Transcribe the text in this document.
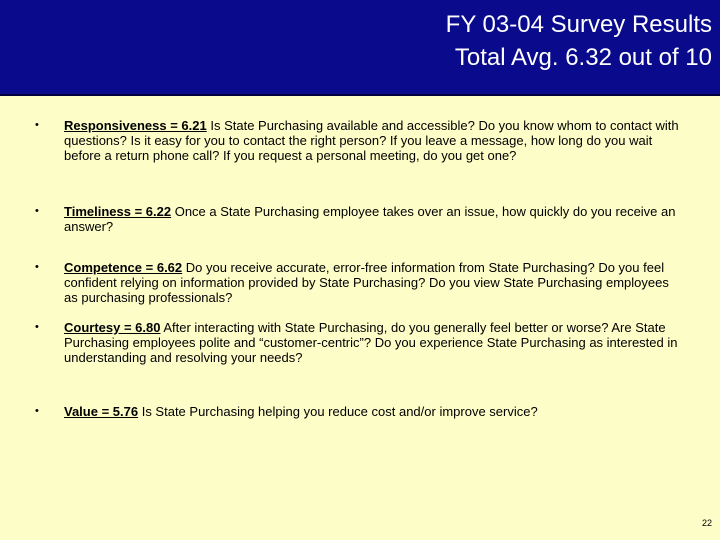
FY 03-04 Survey Results
Total Avg. 6.32 out of 10
• Responsiveness = 6.21 Is State Purchasing available and accessible? Do you know whom to contact with questions? Is it easy for you to contact the right person? If you leave a message, how long do you wait before a return phone call? If you request a personal meeting, do you get one?
• Timeliness = 6.22 Once a State Purchasing employee takes over an issue, how quickly do you receive an answer?
• Competence = 6.62 Do you receive accurate, error-free information from State Purchasing? Do you feel confident relying on information provided by State Purchasing? Do you view State Purchasing employees as purchasing professionals?
• Courtesy = 6.80 After interacting with State Purchasing, do you generally feel better or worse? Are State Purchasing employees polite and “customer-centric”? Do you experience State Purchasing as interested in understanding and resolving your needs?
• Value = 5.76 Is State Purchasing helping you reduce cost and/or improve service?
22
